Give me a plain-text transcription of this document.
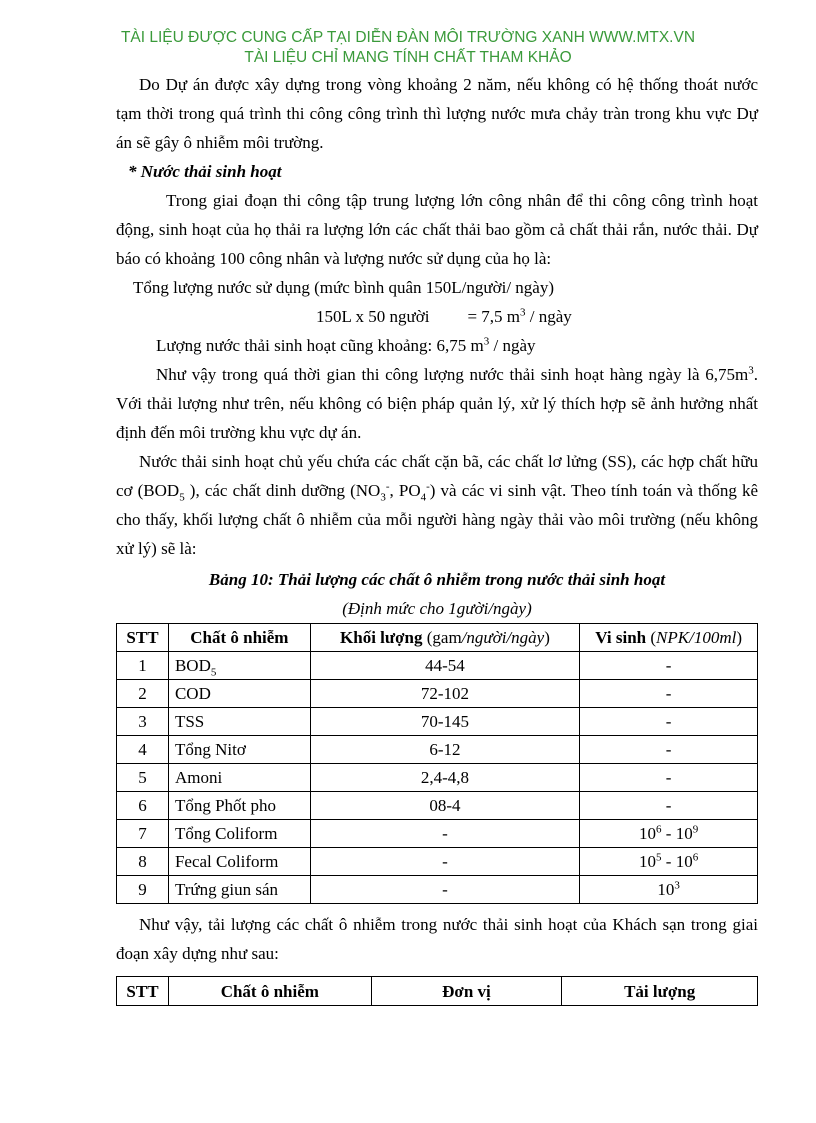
TÀI LIỆU ĐƯỢC CUNG CẤP TẠI DIỄN ĐÀN MÔI TRƯỜNG XANH WWW.MTX.VN
TÀI LIỆU CHỈ MANG TÍNH CHẤT THAM KHẢO

Do Dự án được xây dựng trong vòng khoảng 2 năm, nếu không có hệ thống thoát nước tạm thời trong quá trình thi công công trình thì lượng nước mưa chảy tràn trong khu vực Dự án sẽ gây ô nhiễm môi trường.

* Nước thải sinh hoạt

Trong giai đoạn thi công tập trung lượng lớn công nhân để thi công công trình hoạt động, sinh hoạt của họ thải ra lượng lớn các chất thải bao gồm cả chất thải rắn, nước thải. Dự báo có khoảng 100 công nhân và lượng nước sử dụng của họ là:

Tổng lượng nước sử dụng (mức bình quân 150L/người/ ngày)

150L x 50 người = 7,5 $m^3$ / ngày

Lượng nước thải sinh hoạt cũng khoảng: 6,75 $m^3$ / ngày

Như vậy trong quá thời gian thi công lượng nước thải sinh hoạt hàng ngày là $6,75m^3$. Với thải lượng như trên, nếu không có biện pháp quản lý, xử lý thích hợp sẽ ảnh hưởng nhất định đến môi trường khu vực dự án.

Nước thải sinh hoạt chủ yếu chứa các chất cặn bã, các chất lơ lửng (SS), các hợp chất hữu cơ ($BOD_5$ ), các chất dinh dưỡng ($NO_3^-$, $PO_4^-$) và các vi sinh vật. Theo tính toán và thống kê cho thấy, khối lượng chất ô nhiễm của mỗi người hàng ngày thải vào môi trường (nếu không xử lý) sẽ là:

Bảng 10: Thải lượng các chất ô nhiễm trong nước thải sinh hoạt

(Định mức cho 1gười/ngày)

STT	Chất ô nhiễm	Khối lượng (gam/người/ngày)	Vi sinh (NPK/100ml)
1	$BOD_5$	44-54	-
2	COD	72-102	-
3	TSS	70-145	-
4	Tổng Nitơ	6-12	-
5	Amoni	2,4-4,8	-
6	Tổng Phốt pho	08-4	-
7	Tổng Coliform	-	$10^6 - 10^9$
8	Fecal Coliform	-	$10^5 - 10^6$
9	Trứng giun sán	-	$10^3$

Như vậy, tải lượng các chất ô nhiễm trong nước thải sinh hoạt của Khách sạn trong giai đoạn xây dựng như sau:

STT	Chất ô nhiễm	Đơn vị	Tải lượng
